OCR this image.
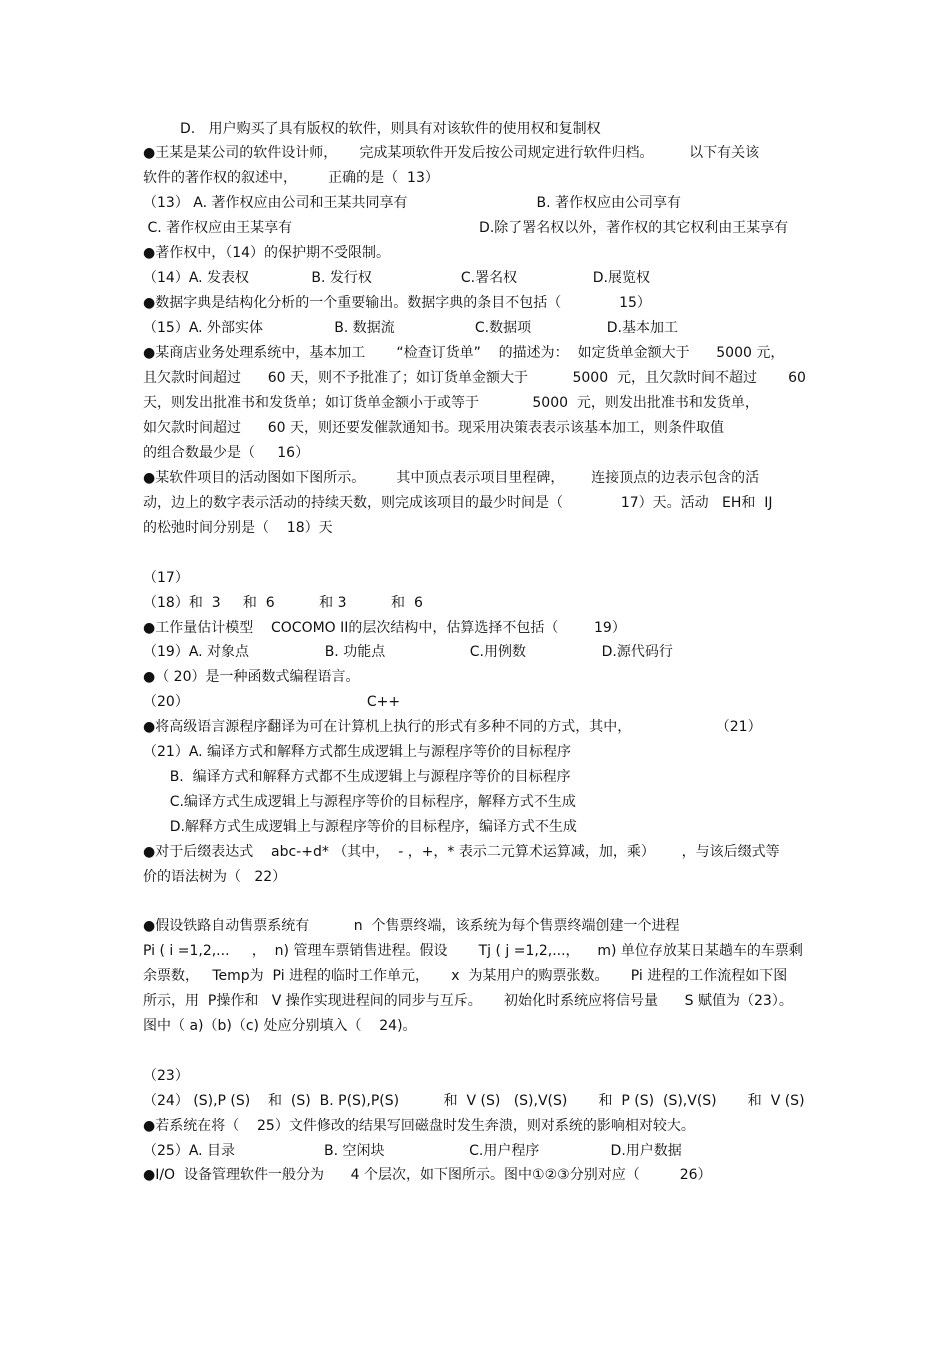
D.   用户购买了具有版权的软件，则具有对该软件的使用权和复制权
●王某是某公司的软件设计师，     完成某项软件开发后按公司规定进行软件归档。        以下有关该
软件的著作权的叙述中，       正确的是（  13）
（13） A. 著作权应由公司和王某共同享有                             B. 著作权应由公司享有
C. 著作权应由王某享有                                          D.除了署名权以外，著作权的其它权利由王某享有
●著作权中，（14）的保护期不受限制。
（14）A. 发表权              B. 发行权                    C.署名权                 D.展览权
●数据字典是结构化分析的一个重要输出。数据字典的条目不包括（             15）
（15）A. 外部实体                B. 数据流                  C.数据项                 D.基本加工
●某商店业务处理系统中，基本加工       “检查订货单”    的描述为：  如定货单金额大于      5000 元，
且欠款时间超过      60 天，则不予批准了；如订货单金额大于          5000  元，且欠款时间不超过       60
天，则发出批准书和发货单；如订货单金额小于或等于            5000  元，则发出批准书和发货单，
如欠款时间超过      60 天，则还要发催款通知书。现采用决策表表示该基本加工，则条件取值
的组合数最少是（     16）
●某软件项目的活动图如下图所示。       其中顶点表示项目里程碑，      连接顶点的边表示包含的活
动，边上的数字表示活动的持续天数，则完成该项目的最少时间是（             17）天。活动   EH和  IJ
的松弛时间分别是（    18）天
（17）
（18）和  3     和  6          和 3          和  6
●工作量估计模型    COCOMO II的层次结构中，估算选择不包括（        19）
（19）A. 对象点                 B. 功能点                   C.用例数                 D.源代码行
●（ 20）是一种函数式编程语言。
（20）                                        C++
●将高级语言源程序翻译为可在计算机上执行的形式有多种不同的方式，其中，                   （21）
（21）A. 编译方式和解释方式都生成逻辑上与源程序等价的目标程序
B.  编译方式和解释方式都不生成逻辑上与源程序等价的目标程序
C.编译方式生成逻辑上与源程序等价的目标程序，解释方式不生成
D.解释方式生成逻辑上与源程序等价的目标程序，编译方式不生成
●对于后缀表达式    abc-+d* （其中，  - ，+，* 表示二元算术运算减，加，乘）      ，与该后缀式等
价的语法树为（   22）
●假设铁路自动售票系统有          n  个售票终端，该系统为每个售票终端创建一个进程
Pi ( i =1,2,...     ，  n) 管理车票销售进程。假设       Tj ( j =1,2,...，    m) 单位存放某日某趟车的车票剩
余票数，   Temp为  Pi 进程的临时工作单元，     x  为某用户的购票张数。     Pi 进程的工作流程如下图
所示，用  P操作和   V 操作实现进程间的同步与互斥。     初始化时系统应将信号量      S 赋值为（23）。
图中（ a)（b)（c) 处应分别填入（    24)。
（23）
（24） (S),P (S)    和  (S)  B. P(S),P(S)          和  V (S)   (S),V(S)       和  P (S)  (S),V(S)       和  V (S)
●若系统在将（    25）文件修改的结果写回磁盘时发生奔溃，则对系统的影响相对较大。
（25）A. 目录                    B. 空闲块                   C.用户程序                D.用户数据
●I/O  设备管理软件一般分为      4 个层次，如下图所示。图中①②③分别对应（         26）
